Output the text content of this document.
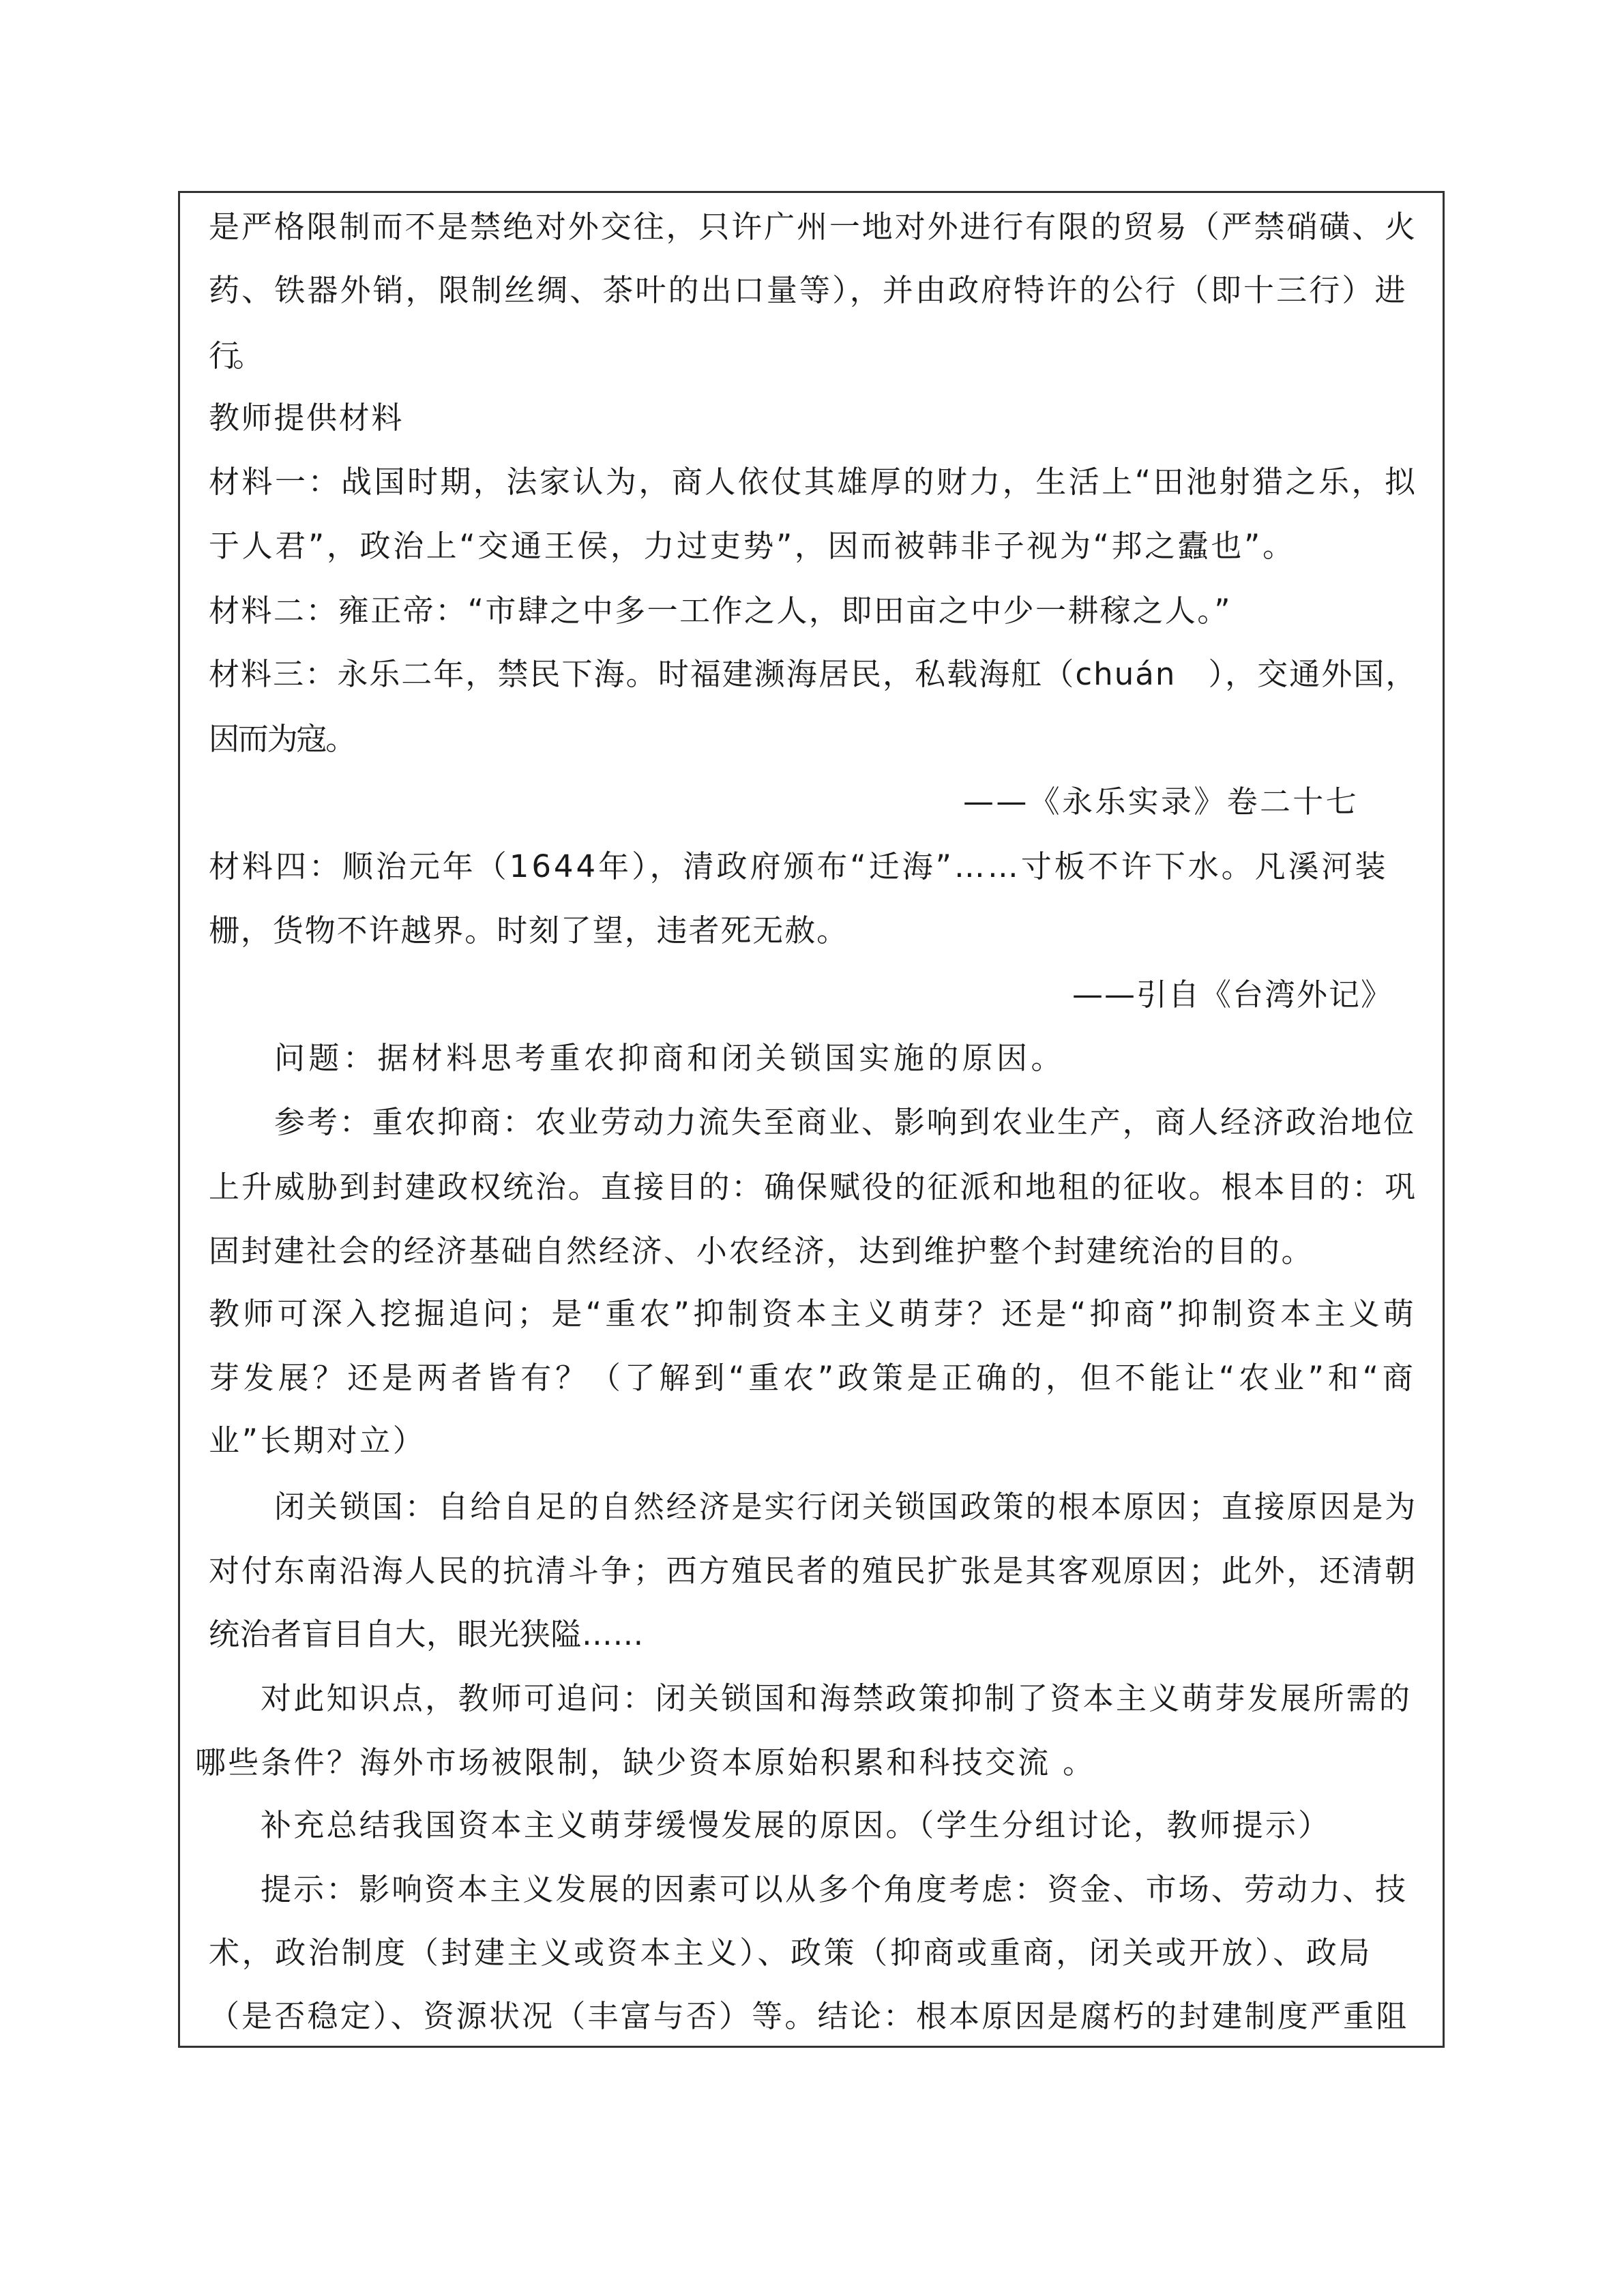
是严格限制而不是禁绝对外交往，只许广州一地对外进行有限的贸易（严禁硝磺、火
药、铁器外销，限制丝绸、茶叶的出口量等），并由政府特许的公行（即十三行）进
行。
教师提供材料
材料一：战国时期，法家认为，商人依仗其雄厚的财力，生活上“田池射猎之乐，拟
于人君”，政治上“交通王侯，力过吏势”，因而被韩非子视为“邦之蠹也”。
材料二：雍正帝：“市肆之中多一工作之人，即田亩之中少一耕稼之人。”
材料三：永乐二年，禁民下海。时福建濒海居民，私载海舡（chuán　），交通外国，
因而为寇。
——《永乐实录》卷二十七
材料四：顺治元年（1644年），清政府颁布“迁海”……寸板不许下水。凡溪河装
栅，货物不许越界。时刻了望，违者死无赦。
——引自《台湾外记》
问题：据材料思考重农抑商和闭关锁国实施的原因。
参考：重农抑商：农业劳动力流失至商业、影响到农业生产，商人经济政治地位
上升威胁到封建政权统治。直接目的：确保赋役的征派和地租的征收。根本目的：巩
固封建社会的经济基础自然经济、小农经济，达到维护整个封建统治的目的。
教师可深入挖掘追问；是“重农”抑制资本主义萌芽？还是“抑商”抑制资本主义萌
芽发展？还是两者皆有？（了解到“重农”政策是正确的，但不能让“农业”和“商
业”长期对立）
闭关锁国：自给自足的自然经济是实行闭关锁国政策的根本原因；直接原因是为
对付东南沿海人民的抗清斗争；西方殖民者的殖民扩张是其客观原因；此外，还清朝
统治者盲目自大，眼光狭隘……
对此知识点，教师可追问：闭关锁国和海禁政策抑制了资本主义萌芽发展所需的
哪些条件？海外市场被限制，缺少资本原始积累和科技交流 。
补充总结我国资本主义萌芽缓慢发展的原因。（学生分组讨论，教师提示）
提示：影响资本主义发展的因素可以从多个角度考虑：资金、市场、劳动力、技
术，政治制度（封建主义或资本主义）、政策（抑商或重商，闭关或开放）、政局
（是否稳定）、资源状况（丰富与否）等。结论：根本原因是腐朽的封建制度严重阻
